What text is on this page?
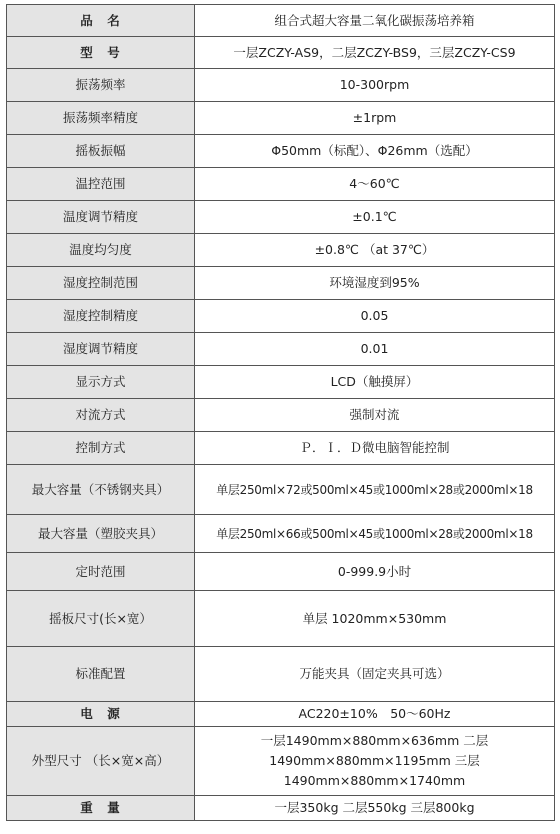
品　名	组合式超大容量二氧化碳振荡培养箱
型　号	一层ZCZY-AS9，二层ZCZY-BS9，三层ZCZY-CS9
振荡频率	10-300rpm
振荡频率精度	±1rpm
摇板振幅	Φ50mm（标配）、Φ26mm（选配）
温控范围	4～60℃
温度调节精度	±0.1℃
温度均匀度	±0.8℃ （at 37℃）
湿度控制范围	环境湿度到95%
湿度控制精度	0.05
湿度调节精度	0.01
显示方式	LCD（触摸屏）
对流方式	强制对流
控制方式	Ｐ．Ｉ．Ｄ微电脑智能控制
最大容量（不锈钢夹具）	单层250ml×72或500ml×45或1000ml×28或2000ml×18
最大容量（塑胶夹具）	单层250ml×66或500ml×45或1000ml×28或2000ml×18
定时范围	0-999.9小时
摇板尺寸(长×宽）	单层 1020mm×530mm
标准配置	万能夹具（固定夹具可选）
电　源	AC220±10%　50～60Hz
外型尺寸 （长×宽×高）	一层1490mm×880mm×636mm 二层1490mm×880mm×1195mm 三层1490mm×880mm×1740mm
重　量	一层350kg 二层550kg 三层800kg
